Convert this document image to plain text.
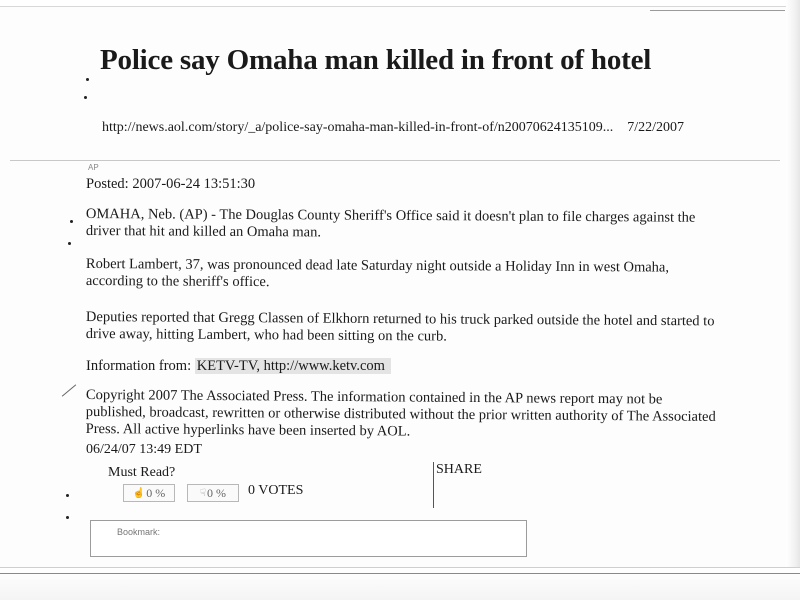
Police say Omaha man killed in front of hotel
http://news.aol.com/story/_a/police-say-omaha-man-killed-in-front-of/n20070624135109... 7/22/2007
AP
Posted: 2007-06-24 13:51:30
OMAHA, Neb. (AP) - The Douglas County Sheriff's Office said it doesn't plan to file charges against the driver that hit and killed an Omaha man.
Robert Lambert, 37, was pronounced dead late Saturday night outside a Holiday Inn in west Omaha, according to the sheriff's office.
Deputies reported that Gregg Classen of Elkhorn returned to his truck parked outside the hotel and started to drive away, hitting Lambert, who had been sitting on the curb.
Information from: KETV-TV, http://www.ketv.com
Copyright 2007 The Associated Press. The information contained in the AP news report may not be published, broadcast, rewritten or otherwise distributed without the prior written authority of The Associated Press. All active hyperlinks have been inserted by AOL.
06/24/07 13:49 EDT
Must Read?
☝ 0 %	☟ 0 % 0 VOTES
SHARE
Bookmark:
